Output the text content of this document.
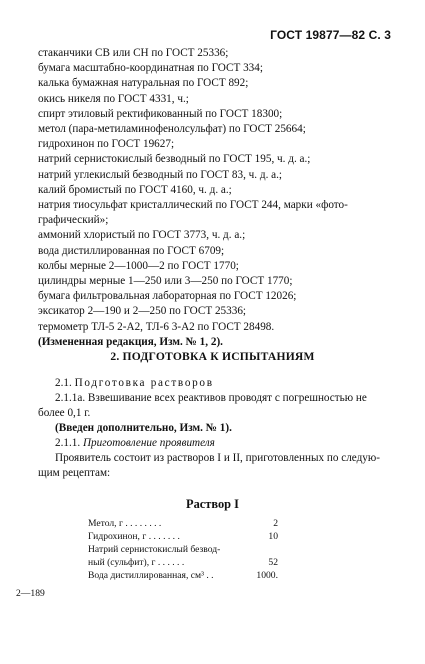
ГОСТ 19877—82 С. 3
стаканчики СВ или СН по ГОСТ 25336;
бумага масштабно-координатная по ГОСТ 334;
калька бумажная натуральная по ГОСТ 892;
окись никеля по ГОСТ 4331, ч.;
спирт этиловый ректификованный по ГОСТ 18300;
метол (пара-метиламинофенолсульфат) по ГОСТ 25664;
гидрохинон по ГОСТ 19627;
натрий сернистокислый безводный по ГОСТ 195, ч. д. а.;
натрий углекислый безводный по ГОСТ 83, ч. д. а.;
калий бромистый по ГОСТ 4160, ч. д. а.;
натрия тиосульфат кристаллический по ГОСТ 244, марки «фото-
графический»;
аммоний хлористый по ГОСТ 3773, ч. д. а.;
вода дистиллированная по ГОСТ 6709;
колбы мерные 2—1000—2 по ГОСТ 1770;
цилиндры мерные 1—250 или 3—250 по ГОСТ 1770;
бумага фильтровальная лабораторная по ГОСТ 12026;
эксикатор 2—190 и 2—250 по ГОСТ 25336;
термометр ТЛ-5 2-А2, ТЛ-6 3-А2 по ГОСТ 28498.
(Измененная редакция, Изм. № 1, 2).
2. ПОДГОТОВКА К ИСПЫТАНИЯМ
2.1. Подготовка растворов
2.1.1а. Взвешивание всех реактивов проводят с погрешностью не
более 0,1 г.
(Введен дополнительно, Изм. № 1).
2.1.1. Приготовление проявителя
Проявитель состоит из растворов I и II, приготовленных по следую-
щим рецептам:
Раствор I
Метол, г . . . . . . . .	2
Гидрохинон, г . . . . . . .	10
Натрий сернистокислый безвод-
ный (сульфит), г . . . . . .	52
Вода дистиллированная, см³ . .	1000.
2—189
